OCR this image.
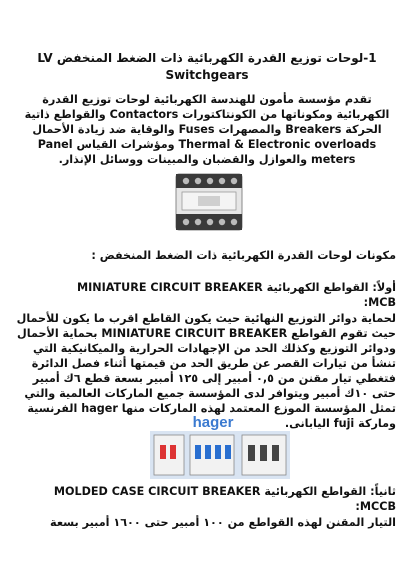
1-لوحات توزيع القدرة الكهربائية ذات الضغط المنخفض LV

Switchgears

تقدم مؤسسة مأمون للهندسة الكهربائية لوحات توزيع القدرة الكهربائية ومكوناتها من الكونتاكتورات Contactors والقواطع ذاتية الحركة Breakers والمصهرات Fuses والوقاية ضد زيادة الأحمال Thermal & Electronic overloads ومؤشرات القياس Panel meters والعوازل والقضبان والمبينات ووسائل الإنذار.

مكونات لوحات القدرة الكهربائية ذات الضغط المنخفض :

أولاً: القواطع الكهربائية MINIATURE CIRCUIT BREAKER

MCB:

لحماية دوائر التوزيع النهائية حيث يكون القاطع اقرب ما يكون للأحمال حيث تقوم القواطع MINIATURE CIRCUIT BREAKER بحماية الأحمال ودوائر التوزيع وكذلك الحد من الإجهادات الحرارية والميكانيكية التي تنشأ من تيارات القصر عن طريق الحد من قيمتها أثناء فصل الدائرة فتغطي تيار مقنن من ٠,٥ أمبير إلى ١٢٥ أمبير بسعة قطع ٦ك أمبير حتى ١٠ك أمبير ويتوافر لدى المؤسسة جميع الماركات العالمية والتي تمثل المؤسسة الموزع المعتمد لهذه الماركات منها hager الفرنسية وماركة fuji اليابانى.

hager

ثانياً: القواطع الكهربائية MOLDED CASE CIRCUIT BREAKER

MCCB:

التيار المقنن لهذه القواطع من ١٠٠ أمبير حتى ١٦٠٠ أمبير بسعة
